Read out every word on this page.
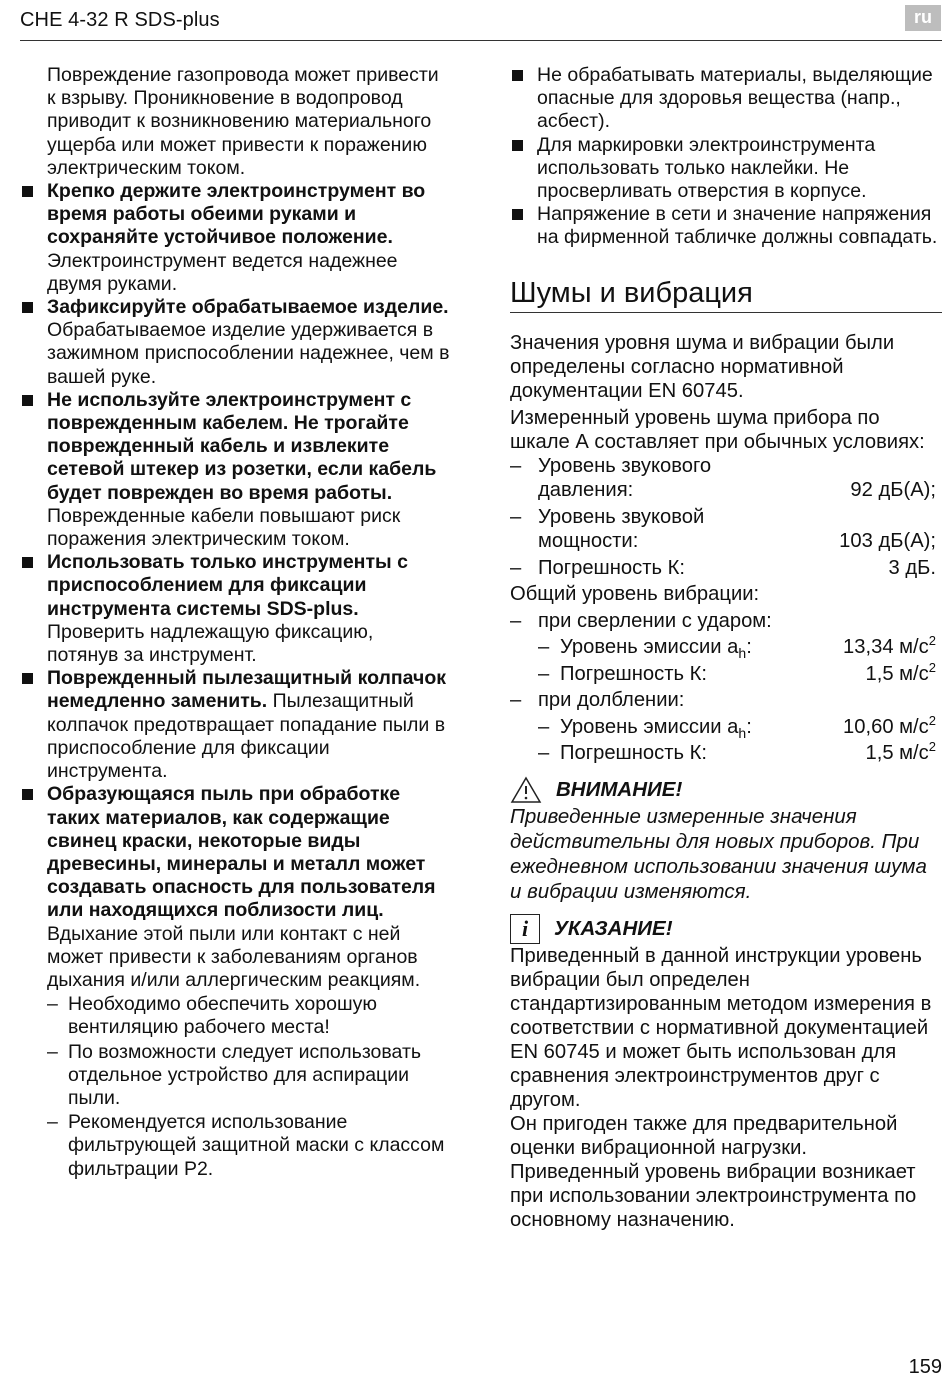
CHE 4-32 R SDS-plus	ru

Повреждение газопровода может привести к взрыву. Проникновение в водопровод приводит к возникновению материального ущерба или может привести к поражению электрическим током.

Крепко держите электроинструмент во время работы обеими руками и сохраняйте устойчивое положение. Электроинструмент ведется надежнее двумя руками.

Зафиксируйте обрабатываемое изделие. Обрабатываемое изделие удерживается в зажимном приспособлении надежнее, чем в вашей руке.

Не используйте электроинструмент с поврежденным кабелем. Не трогайте поврежденный кабель и извлеките сетевой штекер из розетки, если кабель будет поврежден во время работы. Поврежденные кабели повышают риск поражения электрическим током.

Использовать только инструменты с приспособлением для фиксации инструмента системы SDS-plus. Проверить надлежащую фиксацию, потянув за инструмент.

Поврежденный пылезащитный колпачок немедленно заменить. Пылезащитный колпачок предотвращает попадание пыли в приспособление для фиксации инструмента.

Образующаяся пыль при обработке таких материалов, как содержащие свинец краски, некоторые виды древесины, минералы и металл может создавать опасность для пользователя или находящихся поблизости лиц. Вдыхание этой пыли или контакт с ней может привести к заболеваниям органов дыхания и/или аллергическим реакциям.

– Необходимо обеспечить хорошую вентиляцию рабочего места!

– По возможности следует использовать отдельное устройство для аспирации пыли.

– Рекомендуется использование фильтрующей защитной маски с классом фильтрации P2.

Не обрабатывать материалы, выделяющие опасные для здоровья вещества (напр., асбест).

Для маркировки электроинструмента использовать только наклейки. Не просверливать отверстия в корпусе.

Напряжение в сети и значение напряжения на фирменной табличке должны совпадать.

Шумы и вибрация

Значения уровня шума и вибрации были определены согласно нормативной документации EN 60745.

Измеренный уровень шума прибора по шкале А составляет при обычных условиях:

– Уровень звукового
давления:	92 дБ(A);
– Уровень звуковой
мощности:	103 дБ(A);
– Погрешность К:	3 дБ.
Общий уровень вибрации:
– при сверлении с ударом:
– Уровень эмиссии $a_h$:	13,34 $м/с^2$
– Погрешность К:	1,5 $м/с^2$
– при долблении:
– Уровень эмиссии $a_h$:	10,60 $м/с^2$
– Погрешность К:	1,5 $м/с^2$
ВНИМАНИЕ!

Приведенные измеренные значения действительны для новых приборов. При ежедневном использовании значения шума и вибрации изменяются.

i	УКАЗАНИЕ!

Приведенный в данной инструкции уровень вибрации был определен стандартизированным методом измерения в соответствии с нормативной документацией EN 60745 и может быть использован для сравнения электроинструментов друг с другом.

Он пригоден также для предварительной оценки вибрационной нагрузки.

Приведенный уровень вибрации возникает при использовании электроинструмента по основному назначению.

159
